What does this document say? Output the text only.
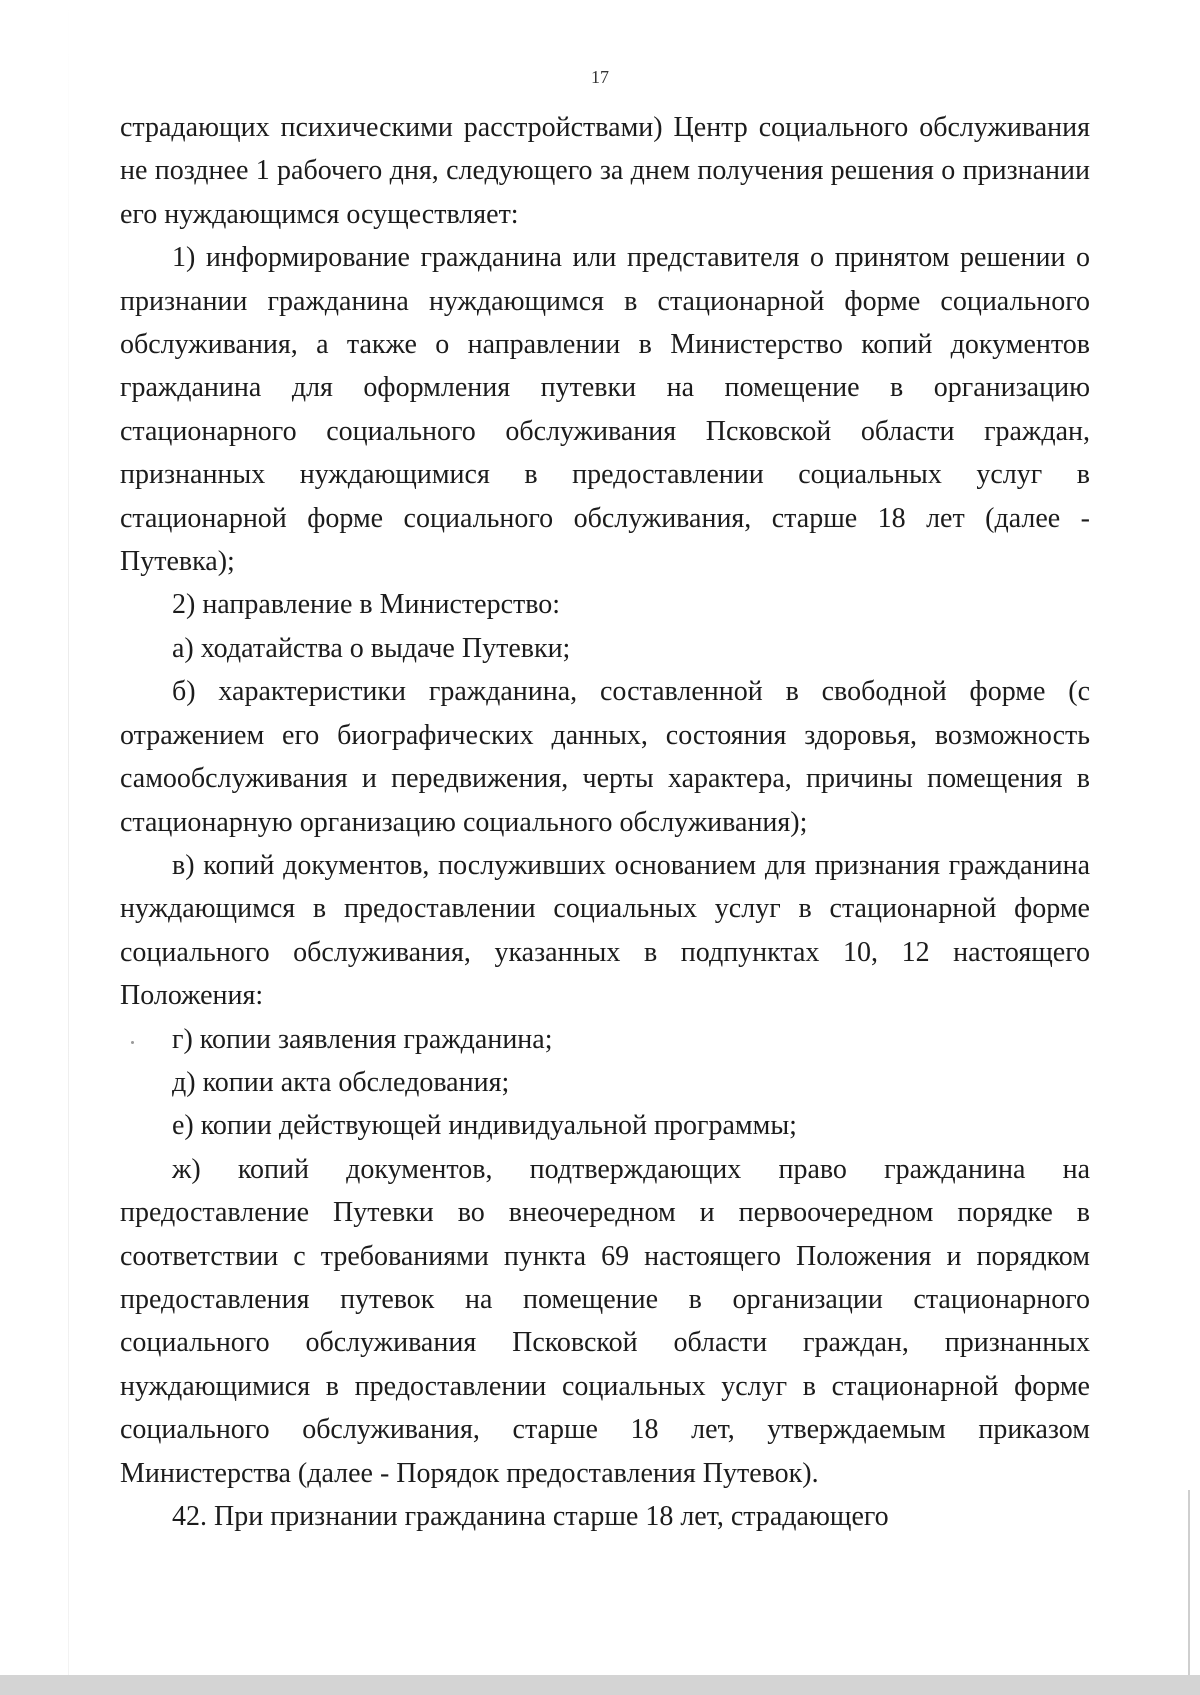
17

страдающих психическими расстройствами) Центр социального обслуживания не позднее 1 рабочего дня, следующего за днем получения решения о признании его нуждающимся осуществляет:

1) информирование гражданина или представителя о принятом решении о признании гражданина нуждающимся в стационарной форме социального обслуживания, а также о направлении в Министерство копий документов гражданина для оформления путевки на помещение в организацию стационарного социального обслуживания Псковской области граждан, признанных нуждающимися в предоставлении социальных услуг в стационарной форме социального обслуживания, старше 18 лет (далее - Путевка);

2) направление в Министерство:

а) ходатайства о выдаче Путевки;

б) характеристики гражданина, составленной в свободной форме (с отражением его биографических данных, состояния здоровья, возможность самообслуживания и передвижения, черты характера, причины помещения в стационарную организацию социального обслуживания);

в) копий документов, послуживших основанием для признания гражданина нуждающимся в предоставлении социальных услуг в стационарной форме социального обслуживания, указанных в подпунктах 10, 12 настоящего Положения:

г) копии заявления гражданина;

д) копии акта обследования;

е) копии действующей индивидуальной программы;

ж) копий документов, подтверждающих право гражданина на предоставление Путевки во внеочередном и первоочередном порядке в соответствии с требованиями пункта 69 настоящего Положения и порядком предоставления путевок на помещение в организации стационарного социального обслуживания Псковской области граждан, признанных нуждающимися в предоставлении социальных услуг в стационарной форме социального обслуживания, старше 18 лет, утверждаемым приказом Министерства (далее - Порядок предоставления Путевок).

42. При признании гражданина старше 18 лет, страдающего
